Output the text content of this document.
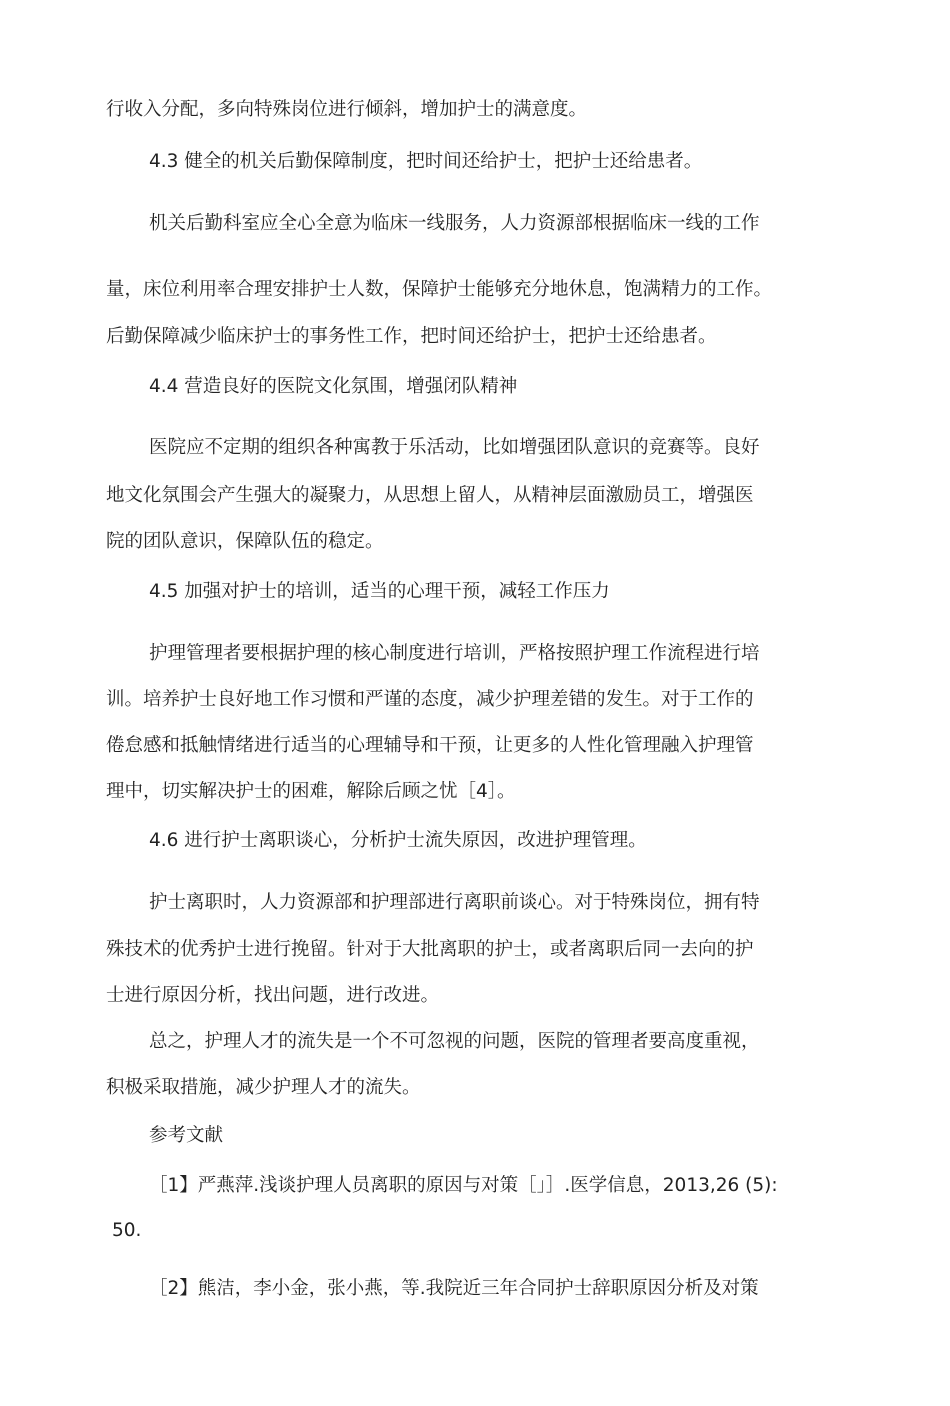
行收入分配，多向特殊岗位进行倾斜，增加护士的满意度。

4.3 健全的机关后勤保障制度，把时间还给护士，把护士还给患者。

机关后勤科室应全心全意为临床一线服务，人力资源部根据临床一线的工作

量，床位利用率合理安排护士人数，保障护士能够充分地休息，饱满精力的工作。

后勤保障减少临床护士的事务性工作，把时间还给护士，把护士还给患者。

4.4 营造良好的医院文化氛围，增强闭队精神

医院应不定期的组织各种寓教于乐活动，比如增强团队意识的竞赛等。良好

地文化氛围会产生强大的凝聚力，从思想上留人，从精神层面激励员工，增强医

院的团队意识，保障队伍的稳定。

4.5 加强对护士的培训，适当的心理干预，减轻工作压力

护理管理者要根据护理的核心制度进行培训，严格按照护理工作流程进行培

训。培养护士良好地工作习惯和严谨的态度，减少护理差错的发生。对于工作的

倦怠感和抵触情绪进行适当的心理辅导和干预，让更多的人性化管理融入护理管

理中，切实解决护士的困难，解除后顾之忧［4］。

4.6 进行护士离职谈心，分析护士流失原因，改进护理管理。

护士离职时，人力资源部和护理部进行离职前谈心。对于特殊岗位，拥有特

殊技术的优秀护士进行挽留。针对于大批离职的护士，或者离职后同一去向的护

士进行原因分析，找出问题，进行改进。

总之，护理人才的流失是一个不可忽视的问题，医院的管理者要高度重视，

积极采取措施，减少护理人才的流失。

参考文献

［1】严燕萍.浅谈护理人员离职的原因与对策［」］.医学信息，2013,26 (5):

50.

［2】熊洁，李小金，张小燕，等.我院近三年合同护士辞职原因分析及对策
